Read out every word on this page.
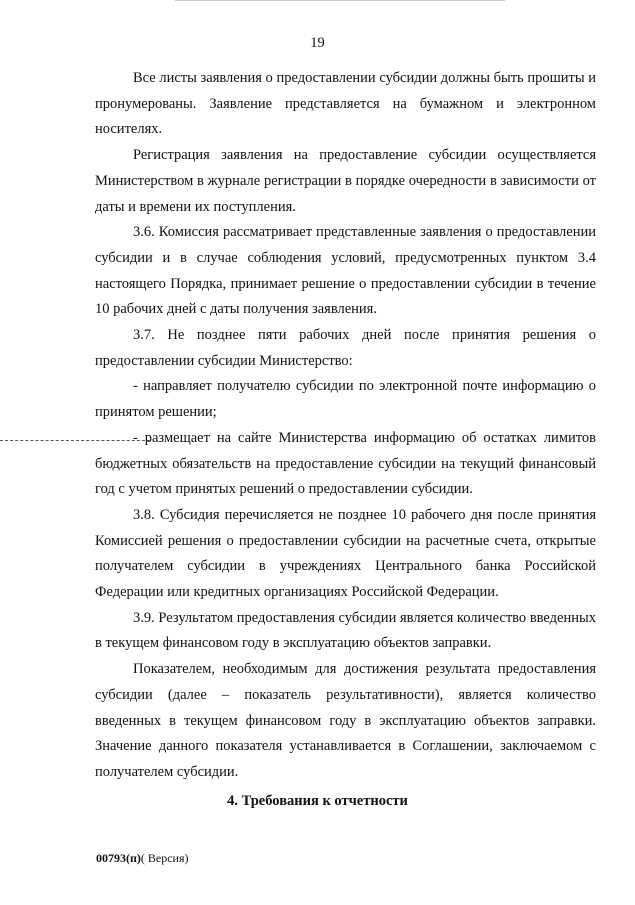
19

Все листы заявления о предоставлении субсидии должны быть прошиты и пронумерованы. Заявление представляется на бумажном и электронном носителях.

Регистрация заявления на предоставление субсидии осуществляется Министерством в журнале регистрации в порядке очередности в зависимости от даты и времени их поступления.

3.6. Комиссия рассматривает представленные заявления о предоставлении субсидии и в случае соблюдения условий, предусмотренных пунктом 3.4 настоящего Порядка, принимает решение о предоставлении субсидии в течение 10 рабочих дней с даты получения заявления.

3.7. Не позднее пяти рабочих дней после принятия решения о предоставлении субсидии Министерство:

- направляет получателю субсидии по электронной почте информацию о принятом решении;

- размещает на сайте Министерства информацию об остатках лимитов бюджетных обязательств на предоставление субсидии на текущий финансовый год с учетом принятых решений о предоставлении субсидии.

3.8. Субсидия перечисляется не позднее 10 рабочего дня после принятия Комиссией решения о предоставлении субсидии на расчетные счета, открытые получателем субсидии в учреждениях Центрального банка Российской Федерации или кредитных организациях Российской Федерации.

3.9. Результатом предоставления субсидии является количество введенных в текущем финансовом году в эксплуатацию объектов заправки.

Показателем, необходимым для достижения результата предоставления субсидии (далее – показатель результативности), является количество введенных в текущем финансовом году в эксплуатацию объектов заправки. Значение данного показателя устанавливается в Соглашении, заключаемом с получателем субсидии.

4. Требования к отчетности
00793(п)( Версия)
